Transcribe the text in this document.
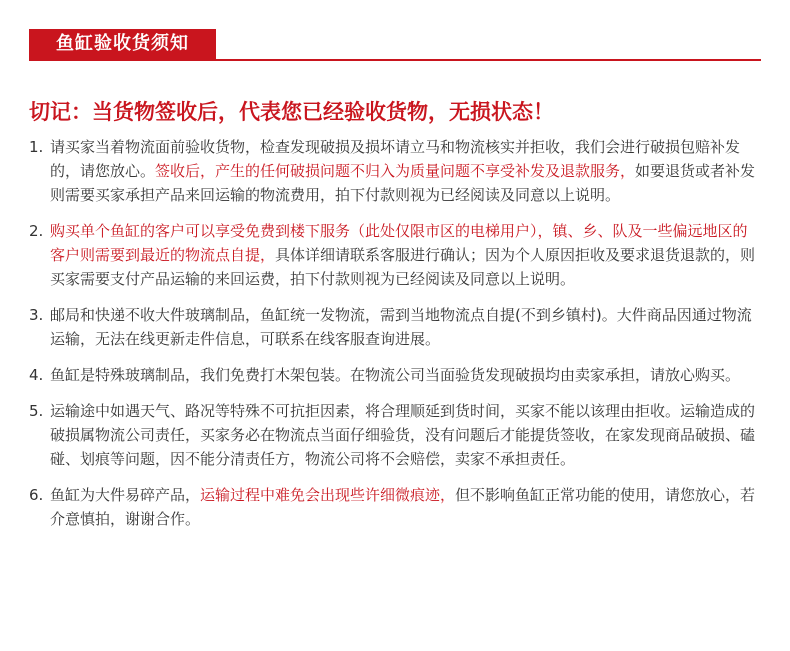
鱼缸验收货须知
切记：当货物签收后，代表您已经验收货物，无损状态！
1. 请买家当着物流面前验收货物，检查发现破损及损坏请立马和物流核实并拒收，我们会进行破损包赔补发的，请您放心。签收后，产生的任何破损问题不归入为质量问题不享受补发及退款服务，如要退货或者补发则需要买家承担产品来回运输的物流费用，拍下付款则视为已经阅读及同意以上说明。
2. 购买单个鱼缸的客户可以享受免费到楼下服务（此处仅限市区的电梯用户），镇、乡、队及一些偏远地区的客户则需要到最近的物流点自提，具体详细请联系客服进行确认；因为个人原因拒收及要求退货退款的，则买家需要支付产品运输的来回运费，拍下付款则视为已经阅读及同意以上说明。
3. 邮局和快递不收大件玻璃制品，鱼缸统一发物流，需到当地物流点自提(不到乡镇村)。大件商品因通过物流运输，无法在线更新走件信息，可联系在线客服查询进展。
4. 鱼缸是特殊玻璃制品，我们免费打木架包装。在物流公司当面验货发现破损均由卖家承担，请放心购买。
5. 运输途中如遇天气、路况等特殊不可抗拒因素，将合理顺延到货时间，买家不能以该理由拒收。运输造成的破损属物流公司责任，买家务必在物流点当面仔细验货，没有问题后才能提货签收，在家发现商品破损、磕碰、划痕等问题，因不能分清责任方，物流公司将不会赔偿，卖家不承担责任。
6. 鱼缸为大件易碎产品，运输过程中难免会出现些许细微痕迹，但不影响鱼缸正常功能的使用，请您放心，若介意慎拍，谢谢合作。
